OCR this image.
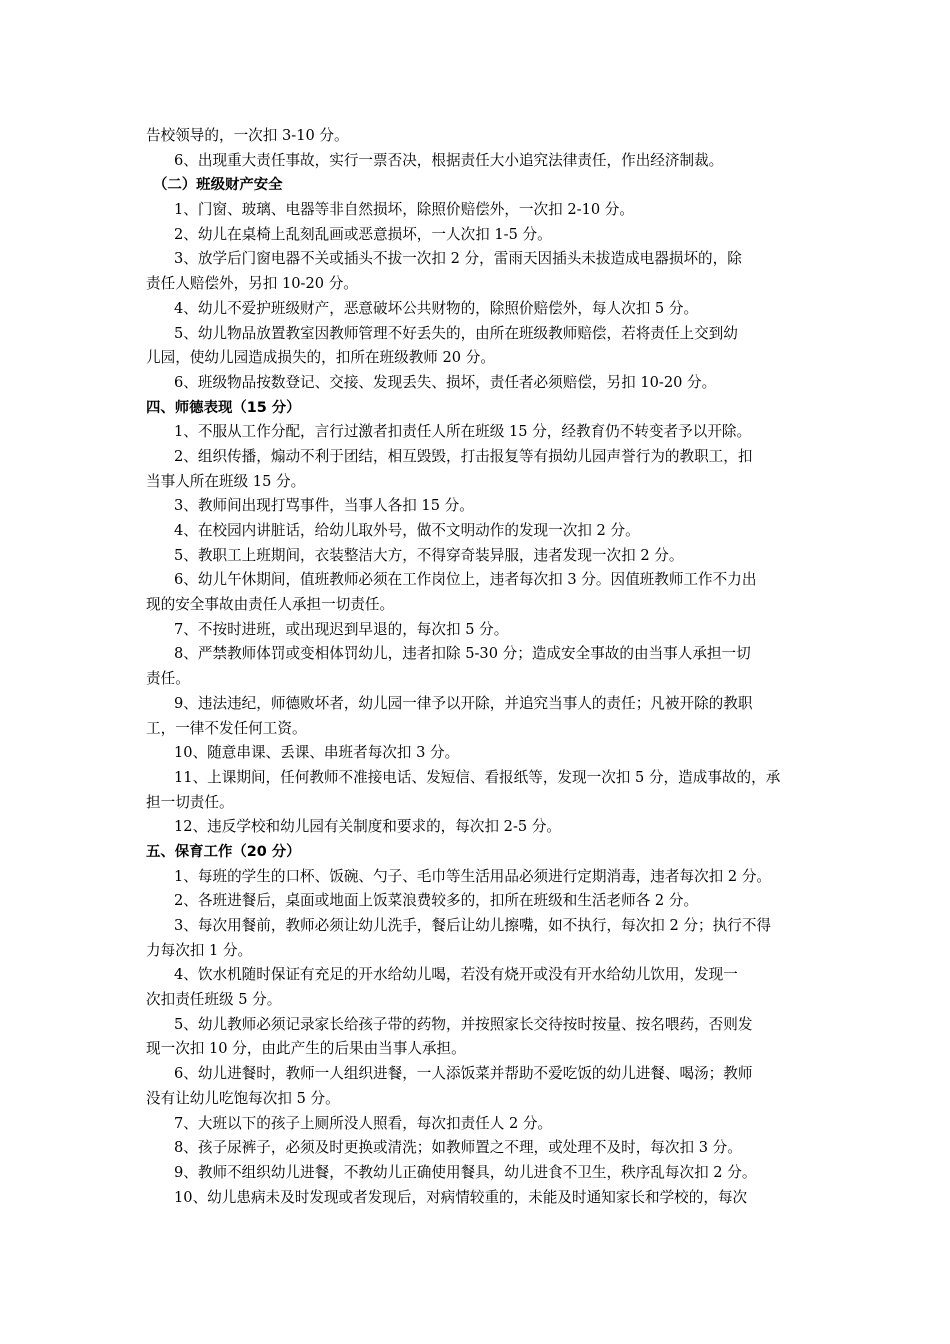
告校领导的，一次扣 3-10 分。
6、出现重大责任事故，实行一票否决，根据责任大小追究法律责任，作出经济制裁。
（二）班级财产安全
1、门窗、玻璃、电器等非自然损坏，除照价赔偿外，一次扣 2-10 分。
2、幼儿在桌椅上乱刻乱画或恶意损坏，一人次扣 1-5 分。
3、放学后门窗电器不关或插头不拔一次扣 2 分，雷雨天因插头未拔造成电器损坏的，除
责任人赔偿外，另扣 10-20 分。
4、幼儿不爱护班级财产，恶意破坏公共财物的，除照价赔偿外，每人次扣 5 分。
5、幼儿物品放置教室因教师管理不好丢失的，由所在班级教师赔偿，若将责任上交到幼
儿园，使幼儿园造成损失的，扣所在班级教师 20 分。
6、班级物品按数登记、交接、发现丢失、损坏，责任者必须赔偿，另扣 10-20 分。
四、师德表现（15 分）
1、不服从工作分配，言行过激者扣责任人所在班级 15 分，经教育仍不转变者予以开除。
2、组织传播，煽动不利于团结，相互毁毁，打击报复等有损幼儿园声誉行为的教职工，扣
当事人所在班级 15 分。
3、教师间出现打骂事件，当事人各扣 15 分。
4、在校园内讲脏话，给幼儿取外号，做不文明动作的发现一次扣 2 分。
5、教职工上班期间，衣装整洁大方，不得穿奇装异服，违者发现一次扣 2 分。
6、幼儿午休期间，值班教师必须在工作岗位上，违者每次扣 3 分。因值班教师工作不力出
现的安全事故由责任人承担一切责任。
7、不按时进班，或出现迟到早退的，每次扣 5 分。
8、严禁教师体罚或变相体罚幼儿，违者扣除 5-30 分；造成安全事故的由当事人承担一切
责任。
9、违法违纪，师德败坏者，幼儿园一律予以开除，并追究当事人的责任；凡被开除的教职
工，一律不发任何工资。
10、随意串课、丢课、串班者每次扣 3 分。
11、上课期间，任何教师不准接电话、发短信、看报纸等，发现一次扣 5 分，造成事故的，承
担一切责任。
12、违反学校和幼儿园有关制度和要求的，每次扣 2-5 分。
五、保育工作（20 分）
1、每班的学生的口杯、饭碗、勺子、毛巾等生活用品必须进行定期消毒，违者每次扣 2 分。
2、各班进餐后，桌面或地面上饭菜浪费较多的，扣所在班级和生活老师各 2 分。
3、每次用餐前，教师必须让幼儿洗手，餐后让幼儿擦嘴，如不执行，每次扣 2 分；执行不得
力每次扣 1 分。
4、饮水机随时保证有充足的开水给幼儿喝，若没有烧开或没有开水给幼儿饮用，发现一
次扣责任班级 5 分。
5、幼儿教师必须记录家长给孩子带的药物，并按照家长交待按时按量、按名喂药，否则发
现一次扣 10 分，由此产生的后果由当事人承担。
6、幼儿进餐时，教师一人组织进餐，一人添饭菜并帮助不爱吃饭的幼儿进餐、喝汤；教师
没有让幼儿吃饱每次扣 5 分。
7、大班以下的孩子上厕所没人照看，每次扣责任人 2 分。
8、孩子尿裤子，必须及时更换或清洗；如教师置之不理，或处理不及时，每次扣 3 分。
9、教师不组织幼儿进餐，不教幼儿正确使用餐具，幼儿进食不卫生，秩序乱每次扣 2 分。
10、幼儿患病未及时发现或者发现后，对病情较重的，未能及时通知家长和学校的，每次
